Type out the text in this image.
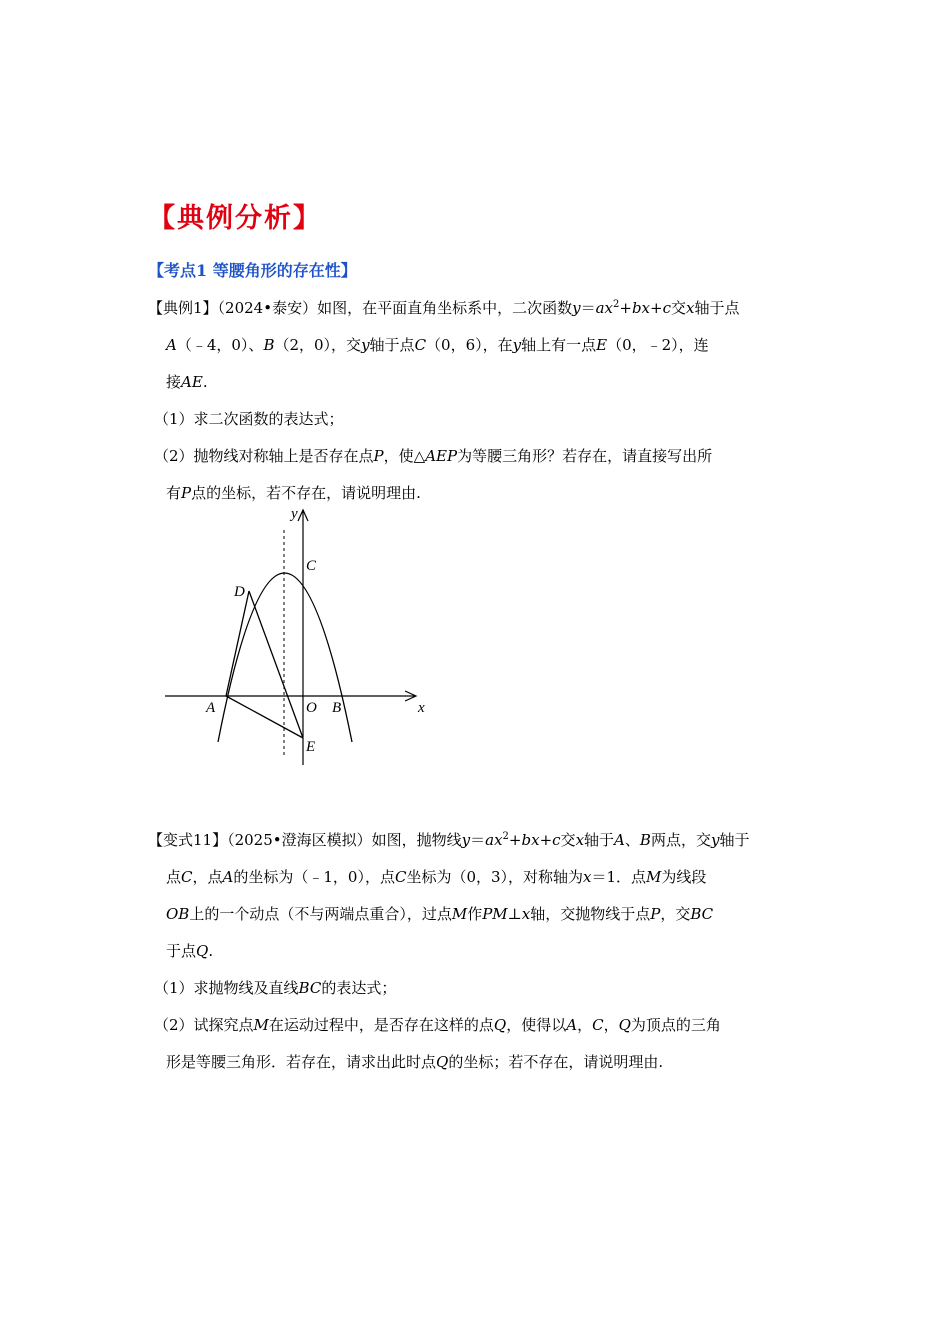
【典例分析】
【考点1 等腰角形的存在性】

【典例1】（2024•泰安）如图，在平面直角坐标系中，二次函数$y=ax^2+bx+c$交x轴于点

A（﹣4，0）、B（2，0），交y轴于点C（0，6），在y轴上有一点E（0，﹣2），连

接AE.

（1）求二次函数的表达式；

（2）抛物线对称轴上是否存在点P，使△AEP为等腰三角形？若存在，请直接写出所

有P点的坐标，若不存在，请说明理由.

y
x
C
D
A	O B
E

【变式11】（2025•澄海区模拟）如图，抛物线$y=ax^2+bx+c$交x轴于A、B两点，交y轴于

点C，点A的坐标为（﹣1，0），点C坐标为（0，3），对称轴为x＝1．点M为线段

OB上的一个动点（不与两端点重合），过点M作PM⊥x轴，交抛物线于点P，交BC

于点Q.

（1）求抛物线及直线BC的表达式；

（2）试探究点M在运动过程中，是否存在这样的点Q，使得以A，C，Q为顶点的三角

形是等腰三角形．若存在，请求出此时点Q的坐标；若不存在，请说明理由.
